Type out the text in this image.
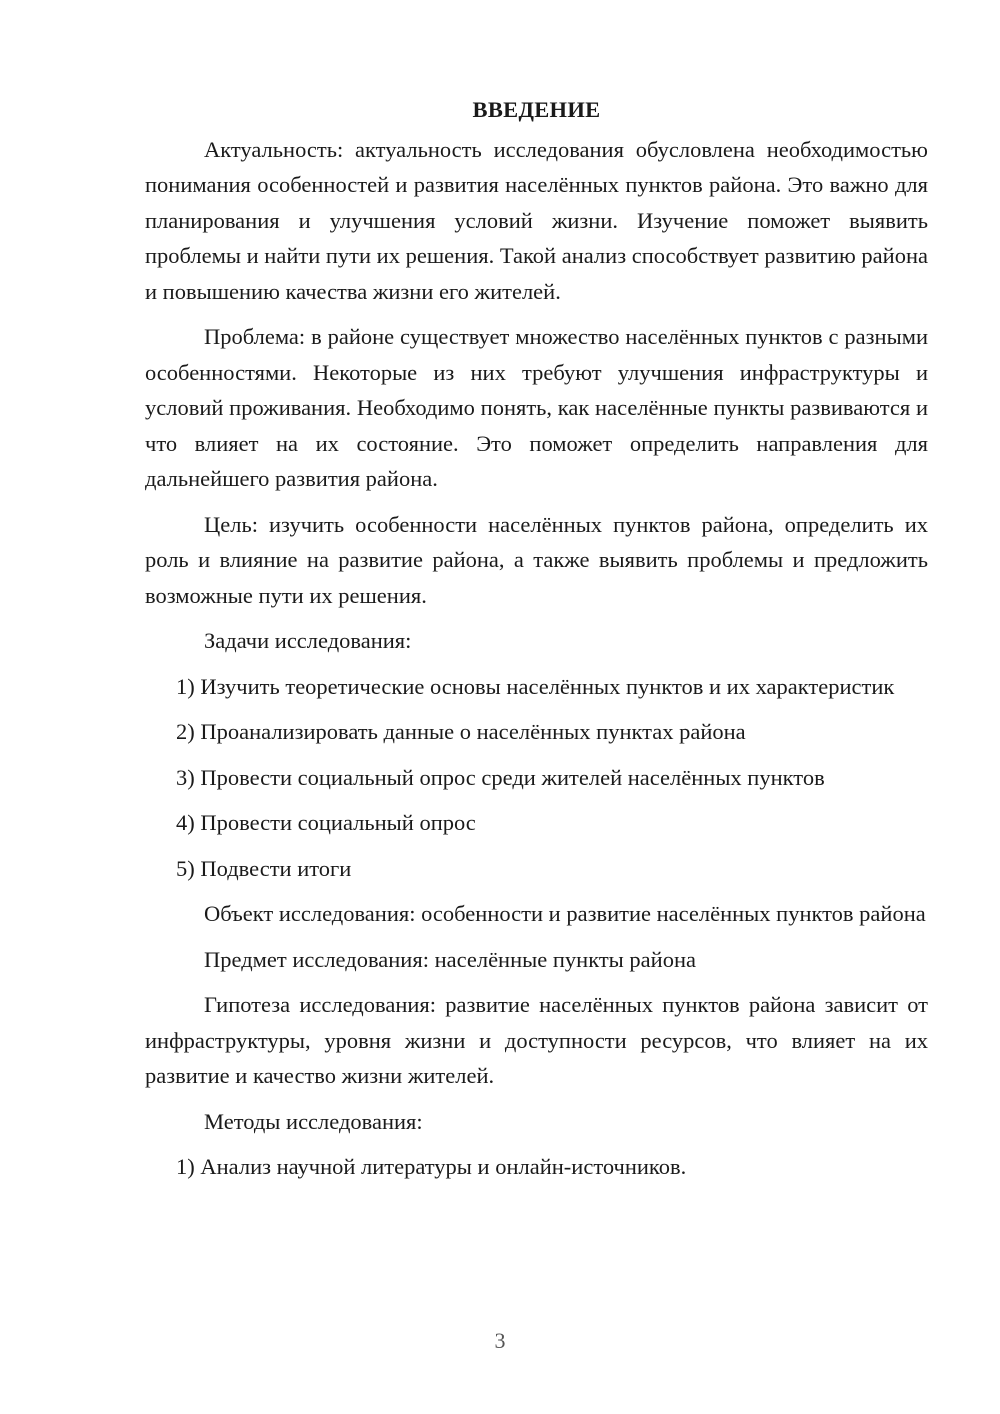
ВВЕДЕНИЕ

Актуальность: актуальность исследования обусловлена необходимостью понимания особенностей и развития населённых пунктов района. Это важно для планирования и улучшения условий жизни. Изучение поможет выявить проблемы и найти пути их решения. Такой анализ способствует развитию района и повышению качества жизни его жителей.

Проблема: в районе существует множество населённых пунктов с разными особенностями. Некоторые из них требуют улучшения инфраструктуры и условий проживания. Необходимо понять, как населённые пункты развиваются и что влияет на их состояние. Это поможет определить направления для дальнейшего развития района.

Цель: изучить особенности населённых пунктов района, определить их роль и влияние на развитие района, а также выявить проблемы и предложить возможные пути их решения.

Задачи исследования:

1) Изучить теоретические основы населённых пунктов и их характеристик
2) Проанализировать данные о населённых пунктах района
3) Провести социальный опрос среди жителей населённых пунктов
4) Провести социальный опрос
5) Подвести итоги

Объект исследования: особенности и развитие населённых пунктов района

Предмет исследования: населённые пункты района

Гипотеза исследования: развитие населённых пунктов района зависит от инфраструктуры, уровня жизни и доступности ресурсов, что влияет на их развитие и качество жизни жителей.

Методы исследования:

1) Анализ научной литературы и онлайн-источников.
3
